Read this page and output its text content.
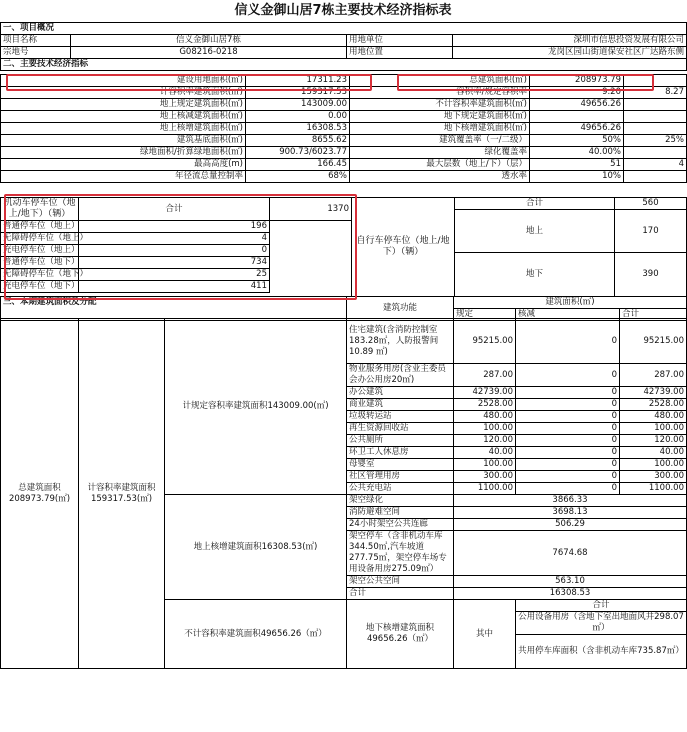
信义金御山居7栋主要技术经济指标表
一、项目概况			
项目名称	信义金御山居7栋	用地单位	深圳市信思投资发展有限公司
宗地号	G08216-0218	用地位置	龙岗区园山街道保安社区广达路东侧
二、主要技术经济指标			
建设用地面积(㎡)	17311.23	总建筑面积(㎡)	208973.79	
计容积率建筑面积(㎡)	159317.53	容积率/规定容积率	9.20	8.27
地上规定建筑面积(㎡)	143009.00	不计容积率建筑面积(㎡)	49656.26	
地上核减建筑面积(㎡)	0.00	地下规定建筑面积(㎡)		
地上核增建筑面积(㎡)	16308.53	地下核增建筑面积(㎡)	49656.26	
建筑基底面积(㎡)	8655.62	建筑覆盖率（一/二级）	50%	25%
绿地面积/折算绿地面积(㎡)	900.73/6023.77	绿化覆盖率	40.00%	
最高高度(m)	166.45	最大层数（地上/下）（层）	51	4
年径流总量控制率	68%	透水率	10%	
机动车停车位（地上/地下）（辆）	合计	1370
普通停车位（地上）	196	
无障碍停车位（地上）	4	
充电停车位（地上）	0	
普通停车位（地下）	734	
无障碍停车位（地下）	25	
充电停车位（地下）	411	
自行车停车位（地上/地下）（辆）	合计	560
	地上	170
	地下	390
三、本期建筑面积及分配	建筑功能	建筑面积(㎡)		
		规定	核减	合计
总建筑面积 208973.79(㎡)	计容积率建筑面积 159317.53(㎡)	计规定容积率建筑面积143009.00(㎡)	住宅建筑(含消防控制室183.28㎡，人防报警间10.89 ㎡)	95215.00	0	95215.00	
			物业服务用房(含业主委员会办公用房20㎡)	287.00	0	287.00	
			办公建筑	42739.00	0	42739.00	
			商业建筑	2528.00	0	2528.00	
			垃圾转运站	480.00	0	480.00	
			再生资源回收站	100.00	0	100.00	
			公共厕所	120.00	0	120.00	
			环卫工人休息房	40.00	0	40.00	
			母婴室	100.00	0	100.00	
			社区管理用房	300.00	0	300.00	
			公共充电站	1100.00	0	1100.00	
		地上核增建筑面积16308.53(㎡)	架空绿化	3866.33			
			消防避难空间	3698.13			
			24小时架空公共连廊	506.29			
			架空停车（含非机动车库344.50㎡,汽车坡道277.75㎡，架空停车场专用设备用房275.09㎡）	7674.68			
			架空公共空间	563.10			
			合计	16308.53			
		不计容积率建筑面积49656.26（㎡）	地下核增建筑面积49656.26（㎡）	其中	合计	
					公用设备用房（含地下室出地面风井298.07㎡）	
					共用停车库面积（含非机动车库735.87㎡）	
